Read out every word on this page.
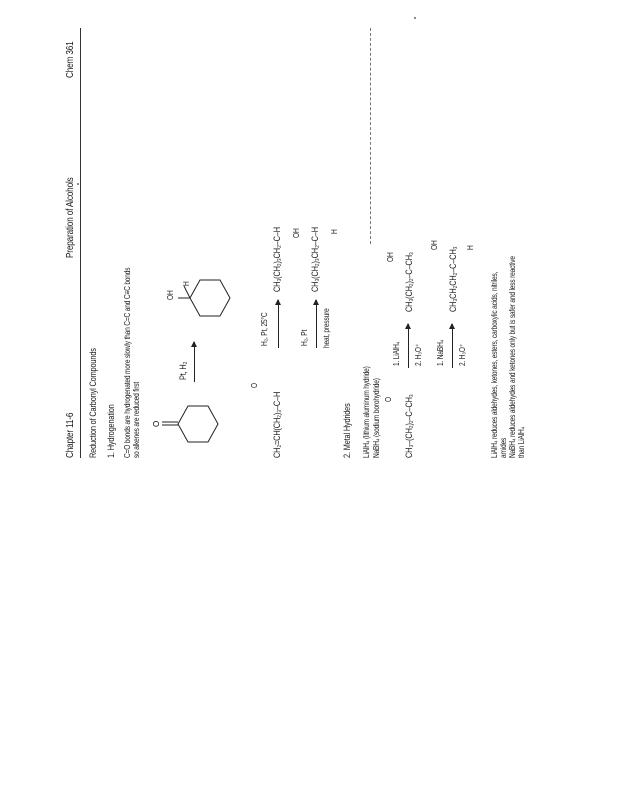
Chapter 11-6
Preparation of Alcohols
Chem 361
Reduction of Carbonyl Compounds 1. Hydrogenation C=O bonds are hydrogenated more slowly than C=C and C≡C bonds so alkenes are reduced first O
Pt, H₂
OH
H
O
CH₂=CH(CH₂)₃–C–H
H₂, Pt, 25°C
CH₃(CH₂)₃CH₂–C–H
H₂, Pt heat, pressure
CH₃(CH₂)₃CH₂–C–H
OH	H
2. Metal Hydrides LiAlH₄ (lithium aluminum hydride) NaBH₄ (sodium borohydride) O CH₃–(CH₂)₂–C–CH₃
1. LiAlH₄ 2. H₃O⁺
CH₃(CH₂)₂–C–CH₃
OH
1. NaBH₄ 2. H₃O⁺
CH₃CH₂CH₂–C–CH₃
OH	H
LiAlH₄ reduces aldehydes, ketones, esters, carboxylic acids, nitriles, amides NaBH₄ reduces aldehydes and ketones only but is safer and less reactive than LiAlH₄
